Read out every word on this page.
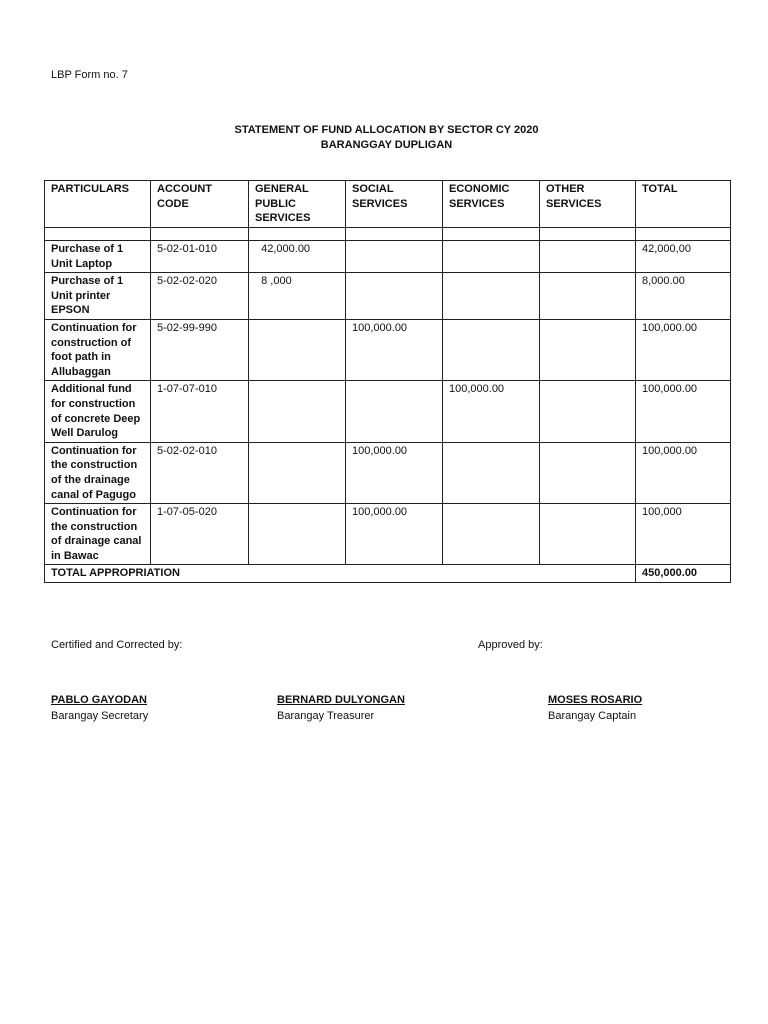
LBP Form no. 7
STATEMENT OF FUND ALLOCATION BY SECTOR CY 2020
BARANGGAY DUPLIGAN
PARTICULARS	ACCOUNT CODE	GENERAL PUBLIC SERVICES	SOCIAL SERVICES	ECONOMIC SERVICES	OTHER SERVICES	TOTAL

Purchase of 1 Unit Laptop	5-02-01-010	42,000.00				42,000,00
Purchase of 1 Unit printer EPSON	5-02-02-020	8 ,000				8,000.00
Continuation for construction of foot path in Allubaggan	5-02-99-990		100,000.00			100,000.00
Additional fund for construction of concrete Deep Well Darulog	1-07-07-010			100,000.00		100,000.00
Continuation for the construction of the drainage canal of Pagugo	5-02-02-010		100,000.00			100,000.00
Continuation for the construction of drainage canal in Bawac	1-07-05-020		100,000.00			100,000
TOTAL APPROPRIATION						450,000.00
Certified and Corrected by:	Approved by:
PABLO GAYODAN
Barangay Secretary
BERNARD DULYONGAN
Barangay Treasurer
MOSES ROSARIO
Barangay Captain
